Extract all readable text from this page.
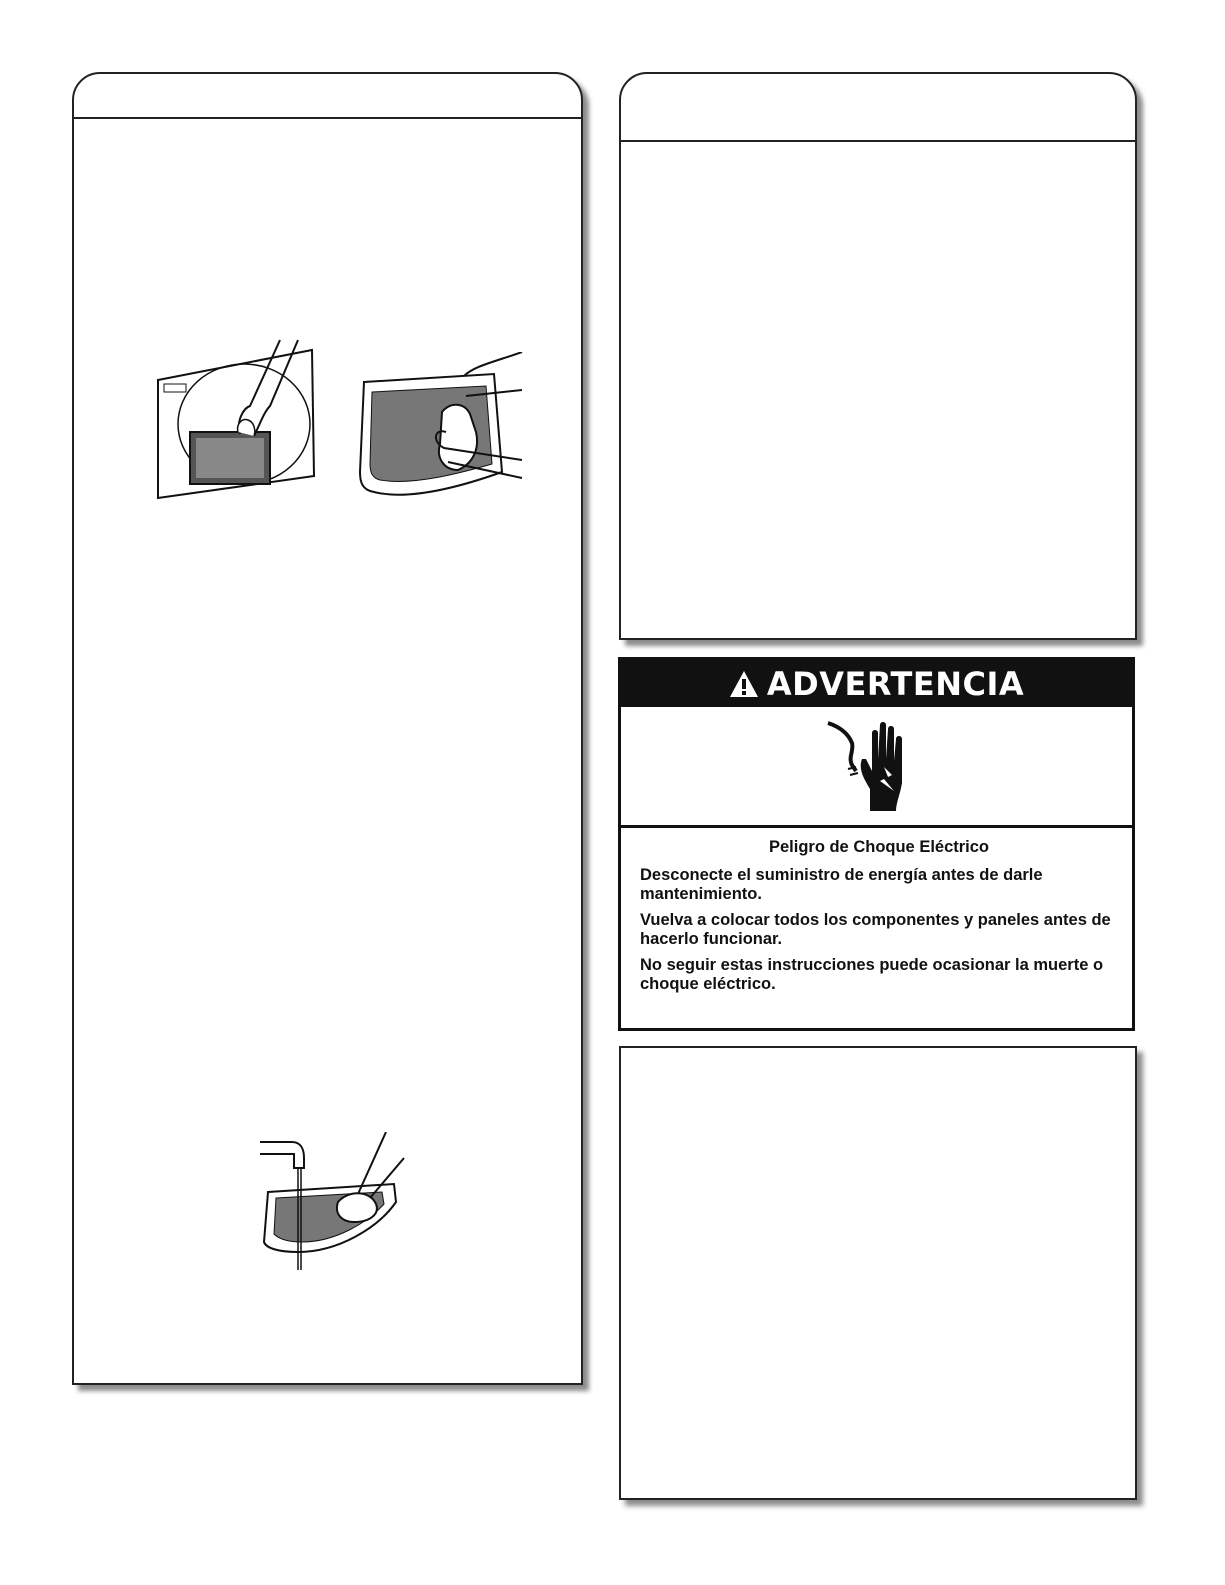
ADVERTENCIA
Peligro de Choque Eléctrico

Desconecte el suministro de energía antes de darle mantenimiento.

Vuelva a colocar todos los componentes y paneles antes de hacerlo funcionar.

No seguir estas instrucciones puede ocasionar la muerte o choque eléctrico.
